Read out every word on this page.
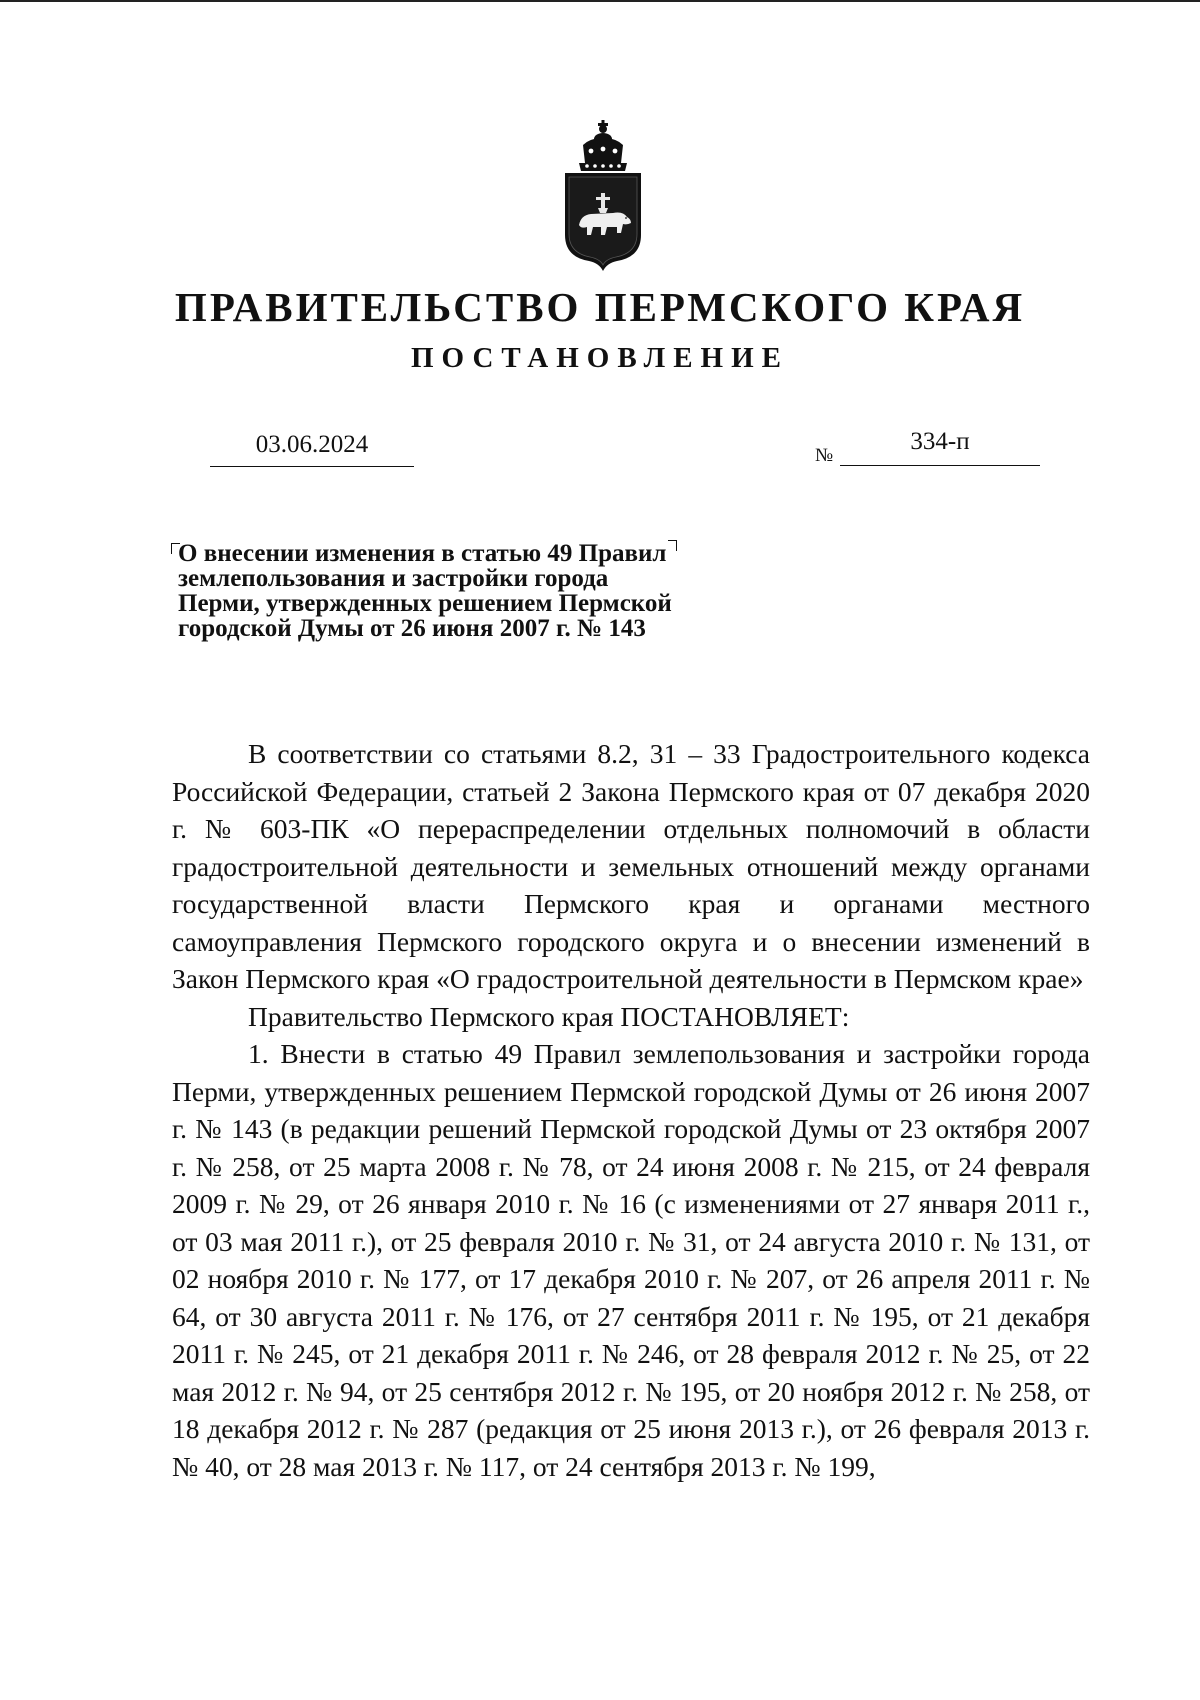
ПРАВИТЕЛЬСТВО ПЕРМСКОГО КРАЯ
ПОСТАНОВЛЕНИЕ
03.06.2024	№
334-п
О внесении изменения в статью 49 Правил
землепользования и застройки города
Перми, утвержденных решением Пермской
городской Думы от 26 июня 2007 г. № 143

В соответствии со статьями 8.2, 31 – 33 Градостроительного кодекса Российской Федерации, статьей 2 Закона Пермского края от 07 декабря 2020 г. № 603-ПК «О перераспределении отдельных полномочий в области градостроительной деятельности и земельных отношений между органами государственной власти Пермского края и органами местного самоуправления Пермского городского округа и о внесении изменений в Закон Пермского края «О градостроительной деятельности в Пермском крае»

Правительство Пермского края ПОСТАНОВЛЯЕТ:

1. Внести в статью 49 Правил землепользования и застройки города Перми, утвержденных решением Пермской городской Думы от 26 июня 2007 г. № 143 (в редакции решений Пермской городской Думы от 23 октября 2007 г. № 258, от 25 марта 2008 г. № 78, от 24 июня 2008 г. № 215, от 24 февраля 2009 г. № 29, от 26 января 2010 г. № 16 (с изменениями от 27 января 2011 г., от 03 мая 2011 г.), от 25 февраля 2010 г. № 31, от 24 августа 2010 г. № 131, от 02 ноября 2010 г. № 177, от 17 декабря 2010 г. № 207, от 26 апреля 2011 г. № 64, от 30 августа 2011 г. № 176, от 27 сентября 2011 г. № 195, от 21 декабря 2011 г. № 245, от 21 декабря 2011 г. № 246, от 28 февраля 2012 г. № 25, от 22 мая 2012 г. № 94, от 25 сентября 2012 г. № 195, от 20 ноября 2012 г. № 258, от 18 декабря 2012 г. № 287 (редакция от 25 июня 2013 г.), от 26 февраля 2013 г. № 40, от 28 мая 2013 г. № 117, от 24 сентября 2013 г. № 199,
